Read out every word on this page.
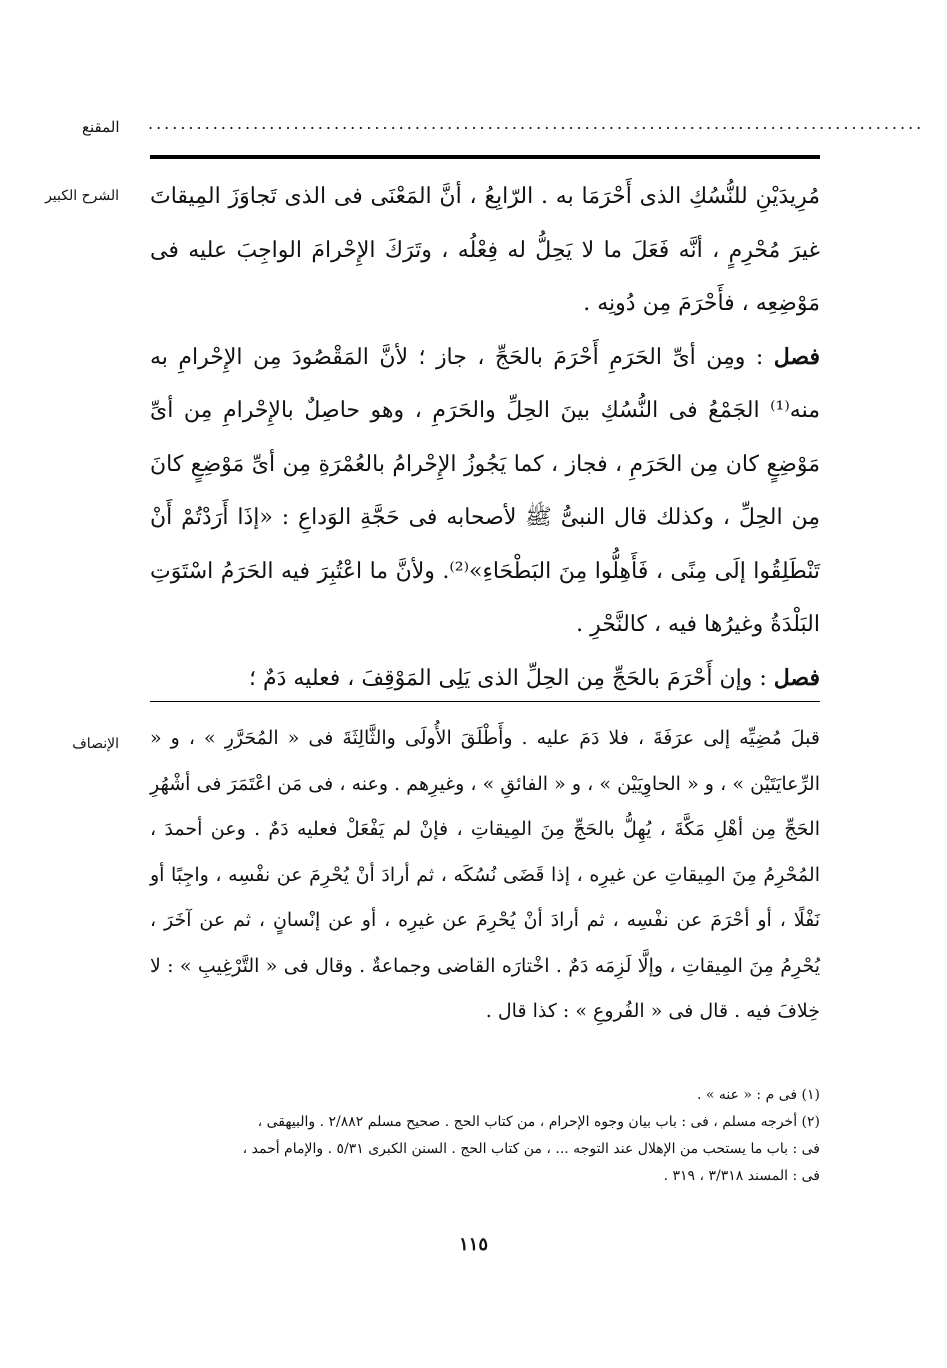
المقنع ................................................................................................
الشرح الكبير مُرِيدَيْنِ للنُّسُكِ الذى أَحْرَمَا به . الرّابِعُ ، أنَّ المَعْنَى فى الذى تَجاوَزَ المِيقاتَ غيرَ مُحْرِمٍ ، أنَّه فَعَلَ ما لا يَحِلُّ له فِعْلُه ، وتَرَكَ الإِحْرامَ الواجِبَ عليه فى مَوْضِعِه ، فأَحْرَمَ مِن دُونِه .

فصل : ومِن أىِّ الحَرَمِ أَحْرَمَ بالحَجِّ ، جاز ؛ لأنَّ المَقْصُودَ مِن الإِحْرامِ به منه⁽¹⁾ الجَمْعُ فى النُّسُكِ بينَ الحِلِّ والحَرَمِ ، وهو حاصِلٌ بالإِحْرامِ مِن أىِّ مَوْضِعٍ كان مِن الحَرَمِ ، فجاز ، كما يَجُوزُ الإِحْرامُ بالعُمْرَةِ مِن أىِّ مَوْضِعٍ كانَ مِن الحِلِّ ، وكذلك قال النبىُّ ﷺ لأصحابه فى حَجَّةِ الوَداعِ : «إذَا أَرَدْتُمْ أَنْ تَنْطَلِقُوا إلَى مِنًى ، فَأَهِلُّوا مِنَ البَطْحَاءِ»⁽²⁾. ولأنَّ ما اعْتُبِرَ فيه الحَرَمُ اسْتَوَتِ البَلْدَةُ وغيرُها فيه ، كالنَّحْرِ .

فصل : وإن أَحْرَمَ بالحَجِّ مِن الحِلِّ الذى يَلِى المَوْقِفَ ، فعليه دَمٌ ؛

الإنصاف قبلَ مُضِيِّه إلى عرَفَةَ ، فلا دَمَ عليه . وأَطْلَقَ الأُولَى والثَّالِثَةَ فى « المُحَرَّرِ » ، و « الرِّعايَتَيْن » ، و « الحاوِيَيْن » ، و « الفائقِ » ، وغيرِهم . وعنه ، فى مَن اعْتَمَرَ فى أشْهُرِ الحَجِّ مِن أهْلِ مَكَّةَ ، يُهِلُّ بالحَجِّ مِنَ المِيقاتِ ، فإنْ لم يَفْعَلْ فعليه دَمٌ . وعن أحمدَ ، المُحْرِمُ مِنَ المِيقاتِ عن غيرِه ، إذا قَضَى نُسُكَه ، ثم أرادَ أنْ يُحْرِمَ عن نفْسِه ، واجِبًا أو نَفْلًا ، أو أحْرَمَ عن نفْسِه ، ثم أرادَ أنْ يُحْرِمَ عن غيرِه ، أو عن إنْسانٍ ، ثم عن آخَرَ ، يُحْرِمُ مِنَ المِيقاتِ ، وإلَّا لَزِمَه دَمٌ . اخْتارَه القاضى وجماعةٌ . وقال فى « التَّرْغِيبِ » : لا خِلافَ فيه . قال فى « الفُروعِ » : كذا قال .

(١) فى م : « عنه » .

(٢) أخرجه مسلم ، فى : باب بيان وجوه الإحرام ، من كتاب الحج . صحيح مسلم ٢/٨٨٢ . والبيهقى ،

فى : باب ما يستحب من الإهلال عند التوجه ... ، من كتاب الحج . السنن الكبرى ٥/٣١ . والإمام أحمد ،

فى : المسند ٣/٣١٨ ، ٣١٩ .

١١٥
